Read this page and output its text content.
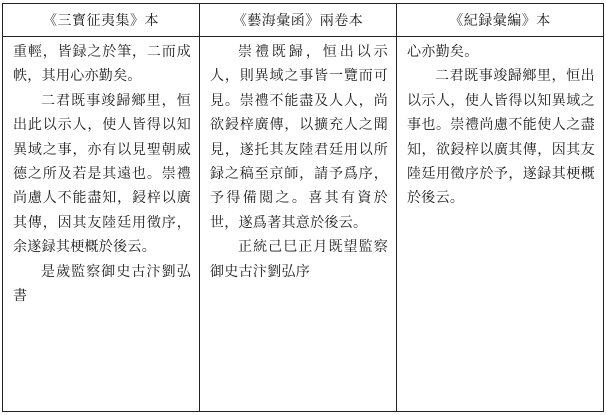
《三寳征夷集》本	《藝海彙函》兩卷本	《紀録彙編》本

重輕，皆録之於筆，二而成帙，其用心亦勤矣。

二君既事竣歸鄉里，恒出此以示人，使人皆得以知異域之事，亦有以見聖朝威德之所及若是其遠也。崇禮尚慮人不能盡知，鋟梓以廣其傳，因其友陸廷用徵序，余遂録其梗概於後云。

是歲監察御史古汴劉弘書

崇禮既歸，恒出以示人，則異域之事皆一覽而可見。崇禮不能盡及人人，尚欲鋟梓廣傳，以擴充人之聞見，遂托其友陸君廷用以所録之稿至京師，請予爲序，予得備閲之。喜其有資於世，遂爲著其意於後云。

正統己巳正月既望監察御史古汴劉弘序

心亦勤矣。

二君既事竣歸鄉里，恒出以示人，使人皆得以知異域之事也。崇禮尚慮不能使人之盡知，欲鋟梓以廣其傳，因其友陸廷用徵序於予，遂録其梗概於後云。
